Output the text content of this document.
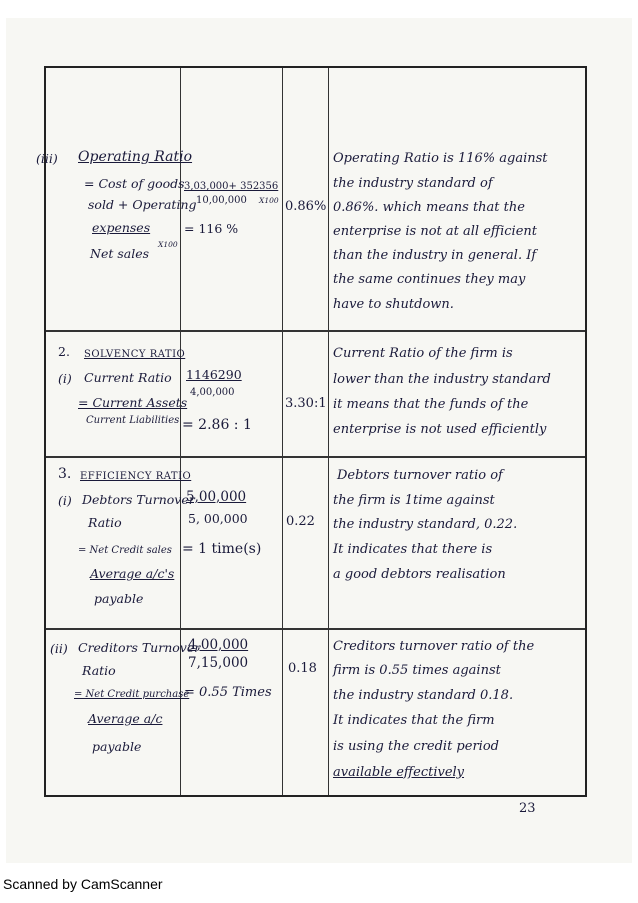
(iii) Operating Ratio
= Cost of goods
sold + Operating
expenses
X100
Net sales
3,03,000+ 352356
10,00,000 X100
= 116 %
0.86%
Operating Ratio is 116% against
the industry standard of
0.86%. which means that the
enterprise is not at all efficient
than the industry in general. If
the same continues they may
have to shutdown.
2. SOLVENCY RATIO
(i) Current Ratio
= Current Assets
Current Liabilities
1146290
4,00,000
= 2.86 : 1
3.30:1
Current Ratio of the firm is
lower than the industry standard
it means that the funds of the
enterprise is not used efficiently
3. EFFICIENCY RATIO
(i) Debtors Turnover
Ratio
= Net Credit sales
Average a/c's
payable
5,00,000
5, 00,000
= 1 time(s)
0.22
Debtors turnover ratio of
the firm is 1time against
the industry standard, 0.22.
It indicates that there is
a good debtors realisation
(ii) Creditors Turnover
Ratio
= Net Credit purchase
Average a/c
payable
4,00,000
7,15,000
= 0.55 Times
0.18
Creditors turnover ratio of the
firm is 0.55 times against
the industry standard 0.18.
It indicates that the firm
is using the credit period
available effectively
23
Scanned by CamScanner
